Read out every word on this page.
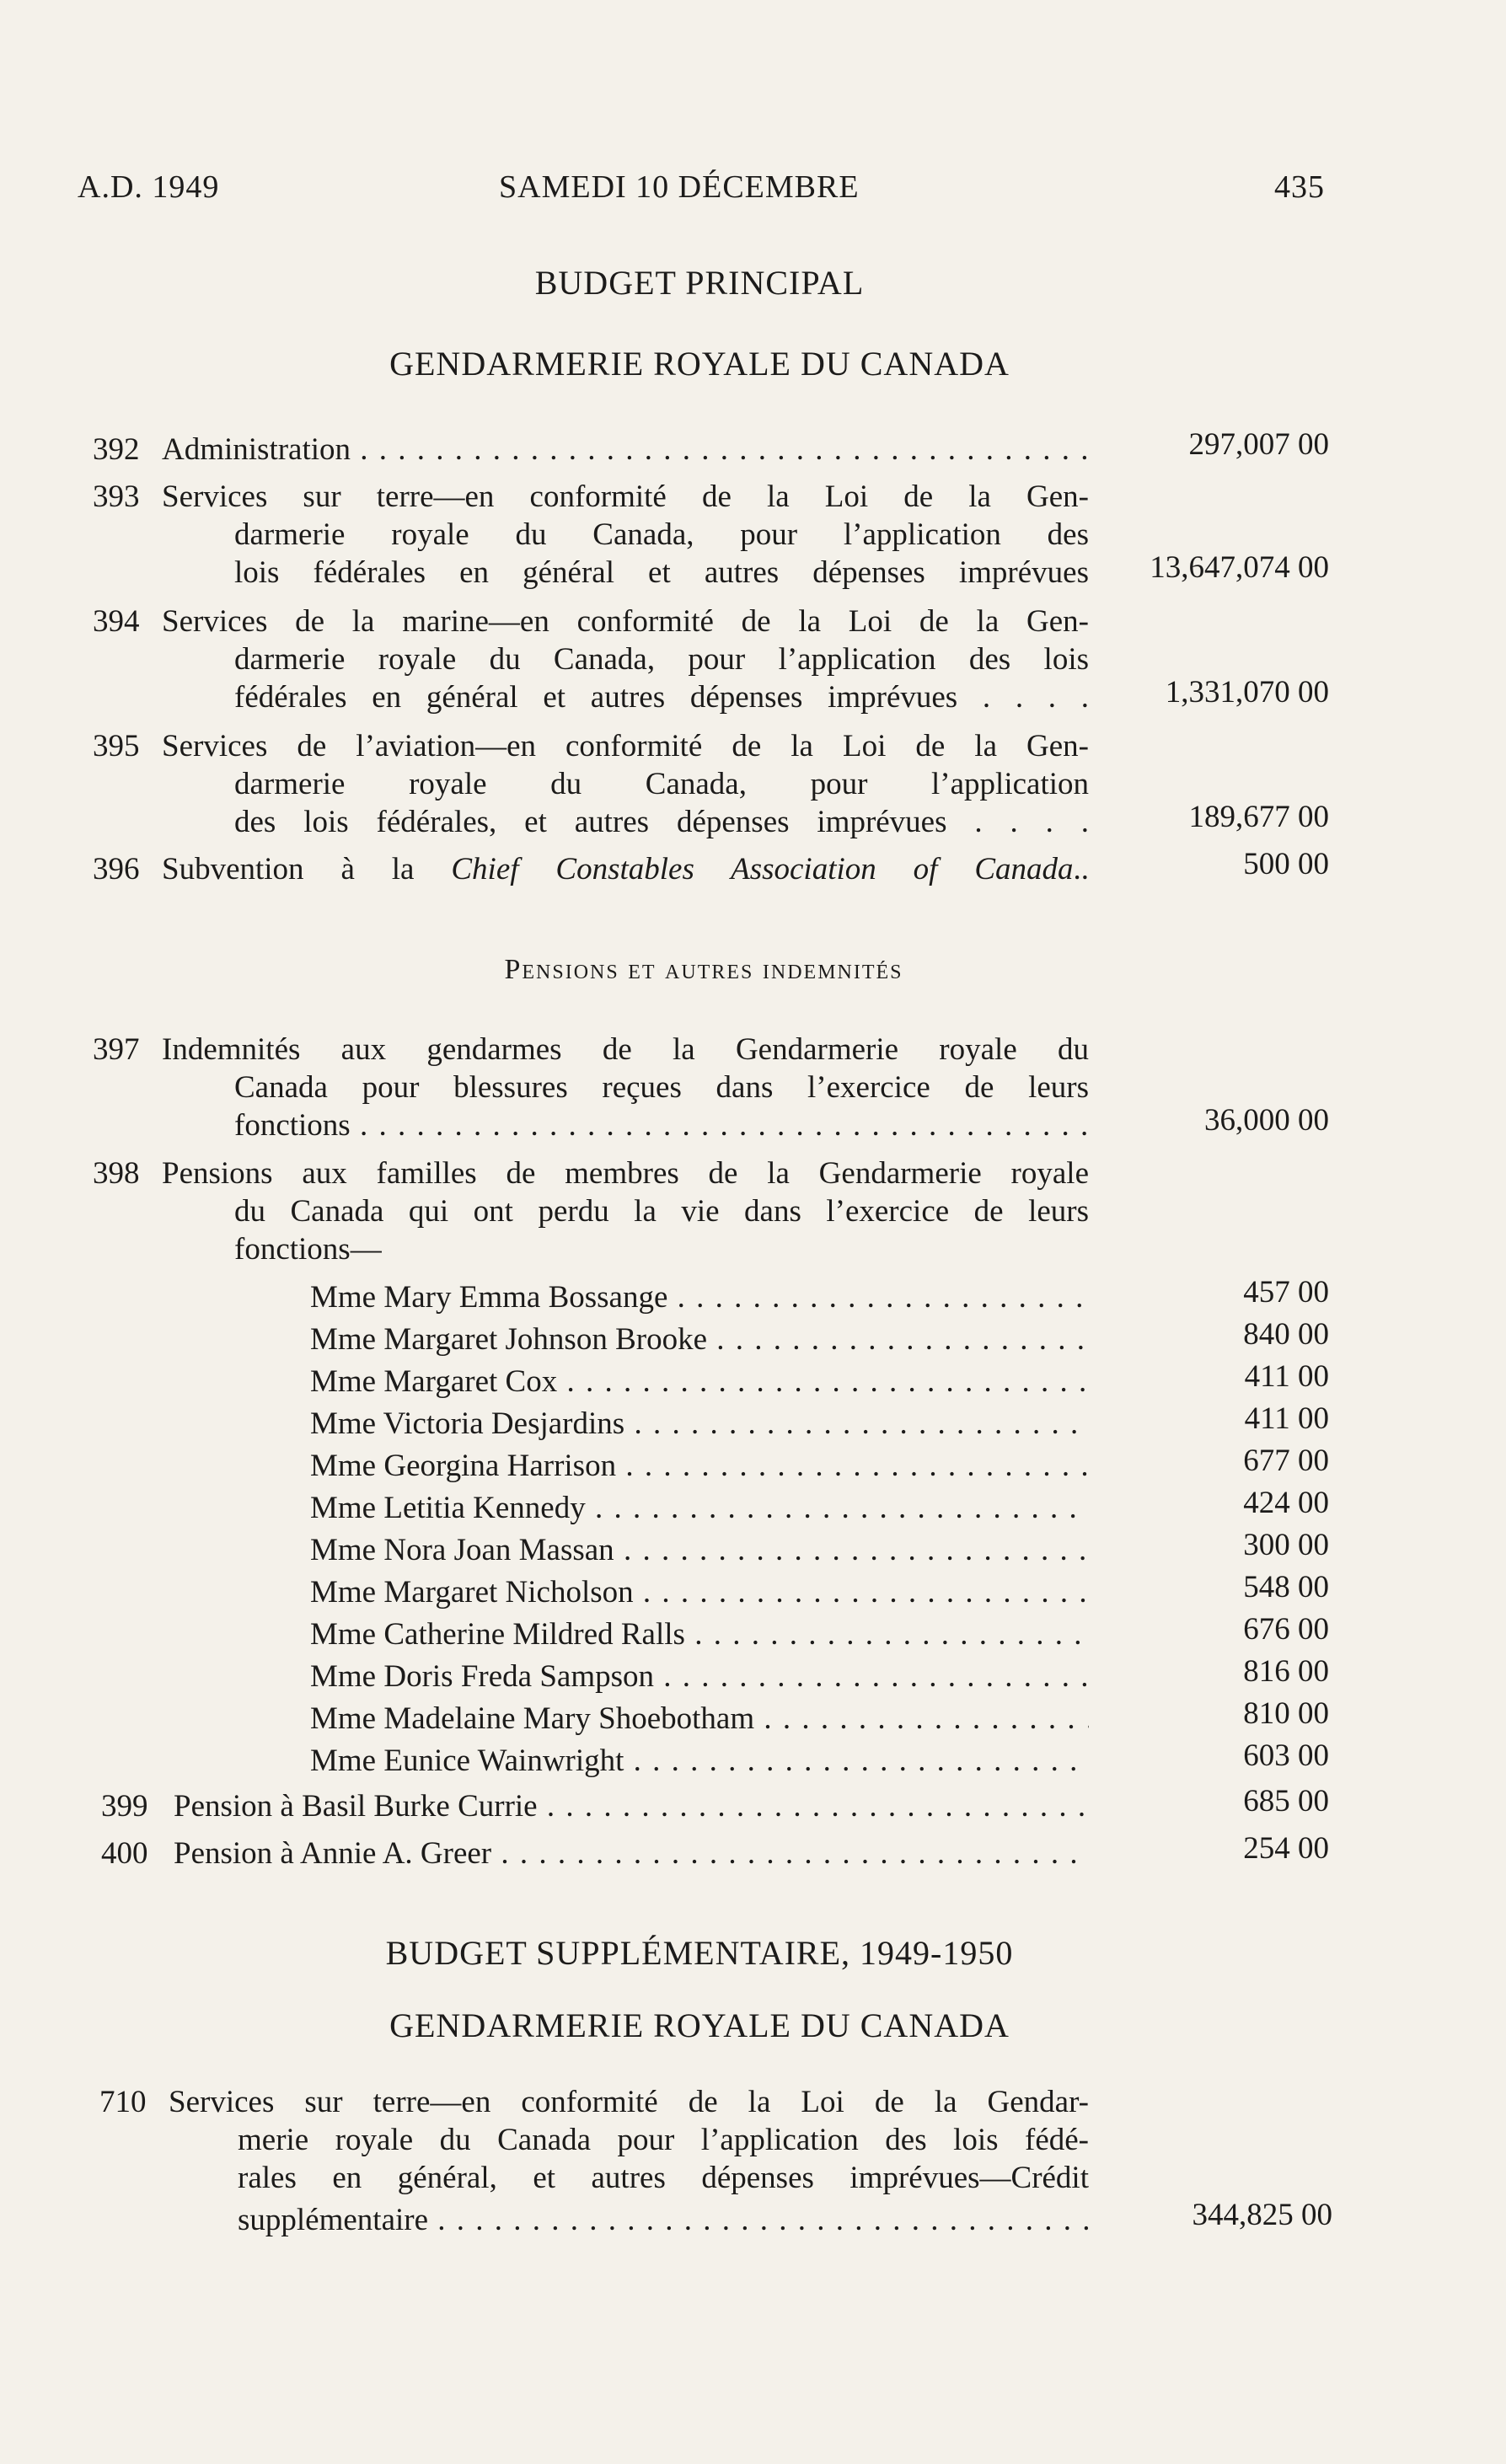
A.D. 1949	SAMEDI 10 DÉCEMBRE	435
BUDGET PRINCIPAL
GENDARMERIE ROYALE DU CANADA
392 Administration . . .	297,007 00
393 Services sur terre—en conformité de la Loi de la Gen-
darmerie royale du Canada, pour l’application des
lois fédérales en général et autres dépenses imprévues 13,647,074 00
394 Services de la marine—en conformité de la Loi de la Gen-
darmerie royale du Canada, pour l’application des lois
fédérales en général et autres dépenses imprévues . . . . 1,331,070 00
395 Services de l’aviation—en conformité de la Loi de la Gen-
darmerie royale du Canada, pour l’application
des lois fédérales, et autres dépenses imprévues . . . .	189,677 00
396 Subvention à la Chief Constables Association of Canada..	500 00
Pensions et autres indemnités
397 Indemnités aux gendarmes de la Gendarmerie royale du
Canada pour blessures reçues dans l’exercice de leurs
fonctions . . .	36,000 00
398 Pensions aux familles de membres de la Gendarmerie royale
du Canada qui ont perdu la vie dans l’exercice de leurs
fonctions—
Mme Mary Emma Bossange . . .	457 00
Mme Margaret Johnson Brooke . . .	840 00
Mme Margaret Cox . . .	411 00
Mme Victoria Desjardins . . .	411 00
Mme Georgina Harrison . . .	677 00
Mme Letitia Kennedy . . .	424 00
Mme Nora Joan Massan . . .	300 00
Mme Margaret Nicholson . . .	548 00
Mme Catherine Mildred Ralls . . .	676 00
Mme Doris Freda Sampson . . .	816 00
Mme Madelaine Mary Shoebotham . . .	810 00
Mme Eunice Wainwright . . .	603 00
399 Pension à Basil Burke Currie . . .	685 00
400 Pension à Annie A. Greer . . .	254 00
BUDGET SUPPLÉMENTAIRE, 1949-1950
GENDARMERIE ROYALE DU CANADA
710 Services sur terre—en conformité de la Loi de la Gendar-
merie royale du Canada pour l’application des lois fédé-
rales en général, et autres dépenses imprévues—Crédit
supplémentaire . . .	344,825 00
